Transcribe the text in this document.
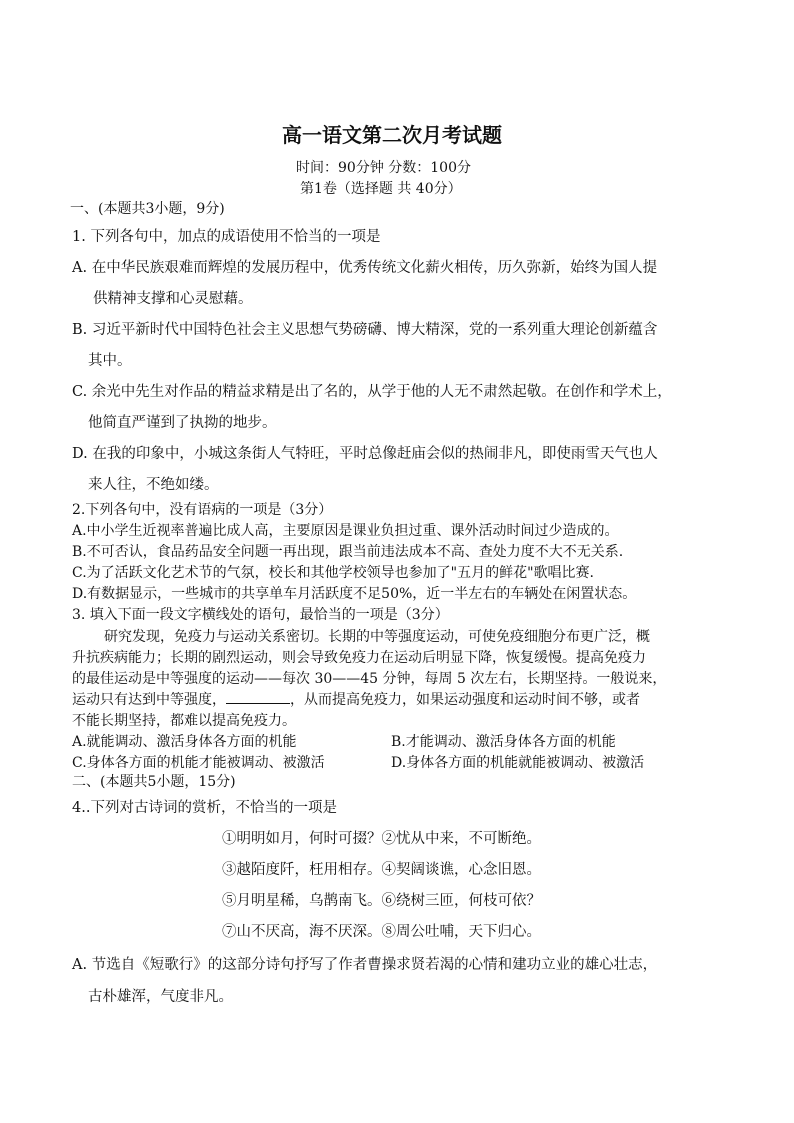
高一语文第二次月考试题
时间：90分钟 分数：100分
第1卷（选择题 共 40分）
一、(本题共3小题，9分)
1. 下列各句中，加点的成语使用不恰当的一项是
A. 在中华民族艰难而辉煌的发展历程中，优秀传统文化薪火相传，历久弥新，始终为国人提
供精神支撑和心灵慰藉。
B. 习近平新时代中国特色社会主义思想气势磅礴、博大精深，党的一系列重大理论创新蕴含
其中。
C. 余光中先生对作品的精益求精是出了名的，从学于他的人无不肃然起敬。在创作和学术上，
他简直严谨到了执拗的地步。
D. 在我的印象中，小城这条街人气特旺，平时总像赶庙会似的热闹非凡，即使雨雪天气也人
来人往，不绝如缕。
2.下列各句中，没有语病的一项是（3分）
A.中小学生近视率普遍比成人高，主要原因是课业负担过重、课外活动时间过少造成的。
B.不可否认，食品药品安全问题一再出现，跟当前违法成本不高、查处力度不大不无关系.
C.为了活跃文化艺术节的气氛，校长和其他学校领导也参加了"五月的鲜花"歌唱比赛.
D.有数据显示，一些城市的共享单车月活跃度不足50%，近一半左右的车辆处在闲置状态。
3. 填入下面一段文字横线处的语句，最恰当的一项是（3分）
研究发现，免疫力与运动关系密切。长期的中等强度运动，可使免疫细胞分布更广泛，概
升抗疾病能力；长期的剧烈运动，则会导致免疫力在运动后明显下降，恢复缓慢。提高免疫力
的最佳运动是中等强度的运动——每次 30——45 分钟，每周 5 次左右，长期坚持。一般说来，
运动只有达到中等强度，	，从而提高免疫力，如果运动强度和运动时间不够，或者
不能长期坚持，都难以提高免疫力。
A.就能调动、激活身体各方面的机能	B.才能调动、激活身体各方面的机能
C.身体各方面的机能才能被调动、被激活	D.身体各方面的机能就能被调动、被激活
二、(本题共5小题，15分)
4..下列对古诗词的赏析，不恰当的一项是
①明明如月，何时可掇？②忧从中来，不可断绝。
③越陌度阡，枉用相存。④契阔谈谯，心念旧恩。
⑤月明星稀，乌鹊南飞。⑥绕树三匝，何枝可依？
⑦山不厌高，海不厌深。⑧周公吐哺，天下归心。
A. 节选自《短歌行》的这部分诗句抒写了作者曹操求贤若渴的心情和建功立业的雄心壮志，
古朴雄浑，气度非凡。
